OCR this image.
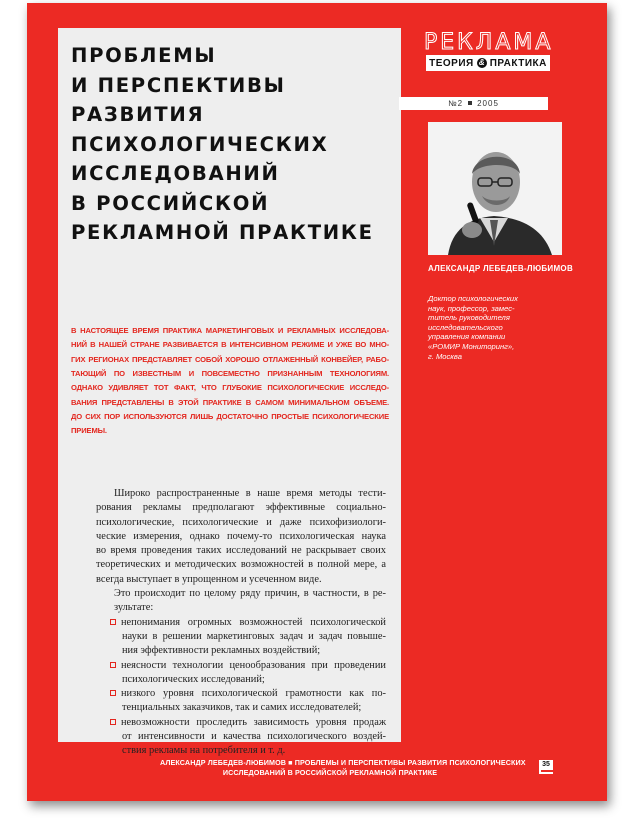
ПРОБЛЕМЫ
И ПЕРСПЕКТИВЫ
РАЗВИТИЯ
ПСИХОЛОГИЧЕСКИХ
ИССЛЕДОВАНИЙ
В РОССИЙСКОЙ
РЕКЛАМНОЙ ПРАКТИКЕ
В НАСТОЯЩЕЕ ВРЕМЯ ПРАКТИКА МАРКЕТИНГОВЫХ И РЕКЛАМНЫХ ИССЛЕДОВА-
НИЙ В НАШЕЙ СТРАНЕ РАЗВИВАЕТСЯ В ИНТЕНСИВНОМ РЕЖИМЕ И УЖЕ ВО МНО-
ГИХ РЕГИОНАХ ПРЕДСТАВЛЯЕТ СОБОЙ ХОРОШО ОТЛАЖЕННЫЙ КОНВЕЙЕР, РАБО-
ТАЮЩИЙ ПО ИЗВЕСТНЫМ И ПОВСЕМЕСТНО ПРИЗНАННЫМ ТЕХНОЛОГИЯМ.
ОДНАКО УДИВЛЯЕТ ТОТ ФАКТ, ЧТО ГЛУБОКИЕ ПСИХОЛОГИЧЕСКИЕ ИССЛЕДО-
ВАНИЯ ПРЕДСТАВЛЕНЫ В ЭТОЙ ПРАКТИКЕ В САМОМ МИНИМАЛЬНОМ ОБЪЕМЕ.
ДО СИХ ПОР ИСПОЛЬЗУЮТСЯ ЛИШЬ ДОСТАТОЧНО ПРОСТЫЕ ПСИХОЛОГИЧЕСКИЕ
ПРИЕМЫ.
Широко распространенные в наше время методы тести-
рования рекламы предполагают эффективные социально-
психологические, психологические и даже психофизиологи-
ческие измерения, однако почему-то психологическая наука
во время проведения таких исследований не раскрывает своих
теоретических и методических возможностей в полной мере, а
всегда выступает в упрощенном и усеченном виде.
Это происходит по целому ряду причин, в частности, в ре-
зультате:
непонимания огромных возможностей психологической
науки в решении маркетинговых задач и задач повыше-
ния эффективности рекламных воздействий;
неясности технологии ценообразования при проведении
психологических исследований;
низкого уровня психологической грамотности как по-
тенциальных заказчиков, так и самих исследователей;
невозможности проследить зависимость уровня продаж
от интенсивности и качества психологического воздей-
ствия рекламы на потребителя и т. д.
РЕКЛАМА
ТЕОРИЯ & ПРАКТИКА
№2 2005
АЛЕКСАНДР ЛЕБЕДЕВ-ЛЮБИМОВ
Доктор психологических
наук, профессор, замес-
титель руководителя
исследовательского
управления компании
«РОМИР Мониторинг»,
г. Москва
АЛЕКСАНДР ЛЕБЕДЕВ-ЛЮБИМОВ ■ ПРОБЛЕМЫ И ПЕРСПЕКТИВЫ РАЗВИТИЯ ПСИХОЛОГИЧЕСКИХ
ИССЛЕДОВАНИЙ В РОССИЙСКОЙ РЕКЛАМНОЙ ПРАКТИКЕ
35
